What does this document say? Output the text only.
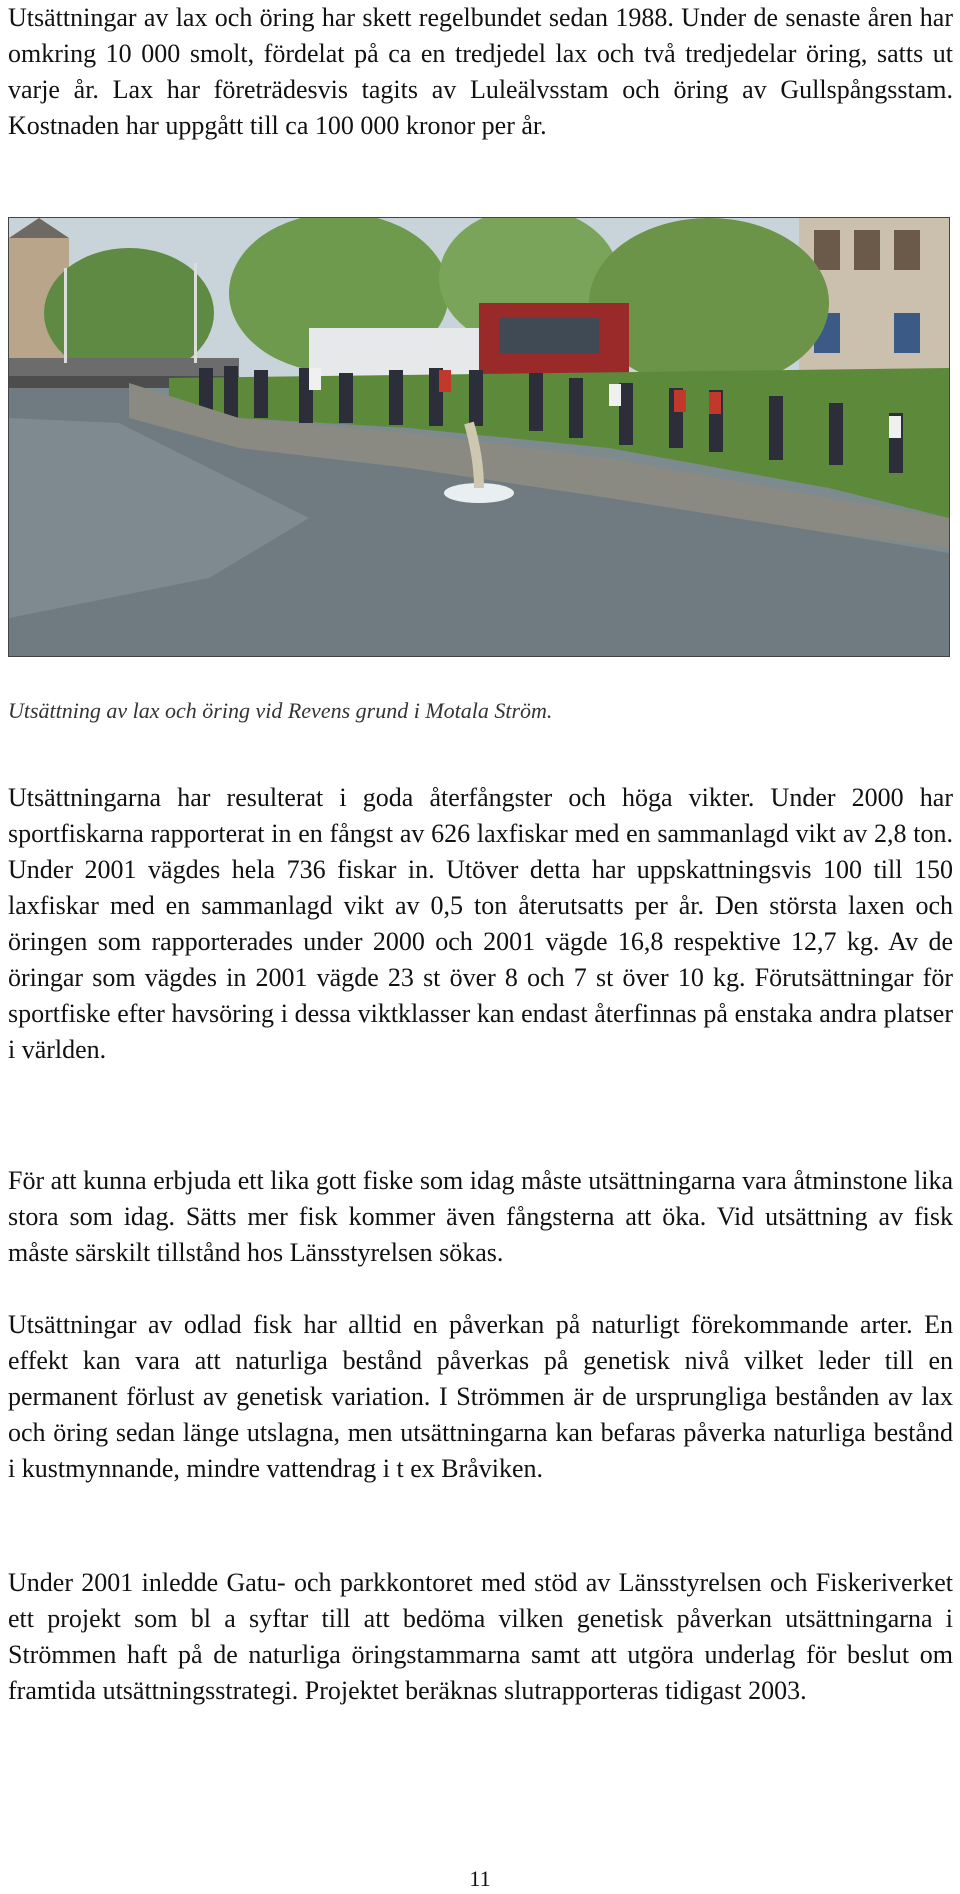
Utsättningar av lax och öring har skett regelbundet sedan 1988. Under de senaste åren har omkring 10 000 smolt, fördelat på ca en tredjedel lax och två tredjedelar öring, satts ut varje år. Lax har företrädesvis tagits av Luleälvsstam och öring av Gullspångsstam. Kostnaden har uppgått till ca 100 000 kronor per år.

Utsättning av lax och öring vid Revens grund i Motala Ström.

Utsättningarna har resulterat i goda återfångster och höga vikter. Under 2000 har sportfiskarna rapporterat in en fångst av 626 laxfiskar med en sammanlagd vikt av 2,8 ton. Under 2001 vägdes hela 736 fiskar in. Utöver detta har uppskattningsvis 100 till 150 laxfiskar med en sammanlagd vikt av 0,5 ton återutsatts per år. Den största laxen och öringen som rapporterades under 2000 och 2001 vägde 16,8 respektive 12,7 kg. Av de öringar som vägdes in 2001 vägde 23 st över 8 och 7 st över 10 kg. Förutsättningar för sportfiske efter havsöring i dessa viktklasser kan endast återfinnas på enstaka andra platser i världen.

För att kunna erbjuda ett lika gott fiske som idag måste utsättningarna vara åtminstone lika stora som idag. Sätts mer fisk kommer även fångsterna att öka. Vid utsättning av fisk måste särskilt tillstånd hos Länsstyrelsen sökas.

Utsättningar av odlad fisk har alltid en påverkan på naturligt förekommande arter. En effekt kan vara att naturliga bestånd påverkas på genetisk nivå vilket leder till en permanent förlust av genetisk variation. I Strömmen är de ursprungliga bestånden av lax och öring sedan länge utslagna, men utsättningarna kan befaras påverka naturliga bestånd i kustmynnande, mindre vattendrag i t ex Bråviken.

Under 2001 inledde Gatu- och parkkontoret med stöd av Länsstyrelsen och Fiskeriverket ett projekt som bl a syftar till att bedöma vilken genetisk påverkan utsättningarna i Strömmen haft på de naturliga öringstammarna samt att utgöra underlag för beslut om framtida utsättningsstrategi. Projektet beräknas slutrapporteras tidigast 2003.

11
